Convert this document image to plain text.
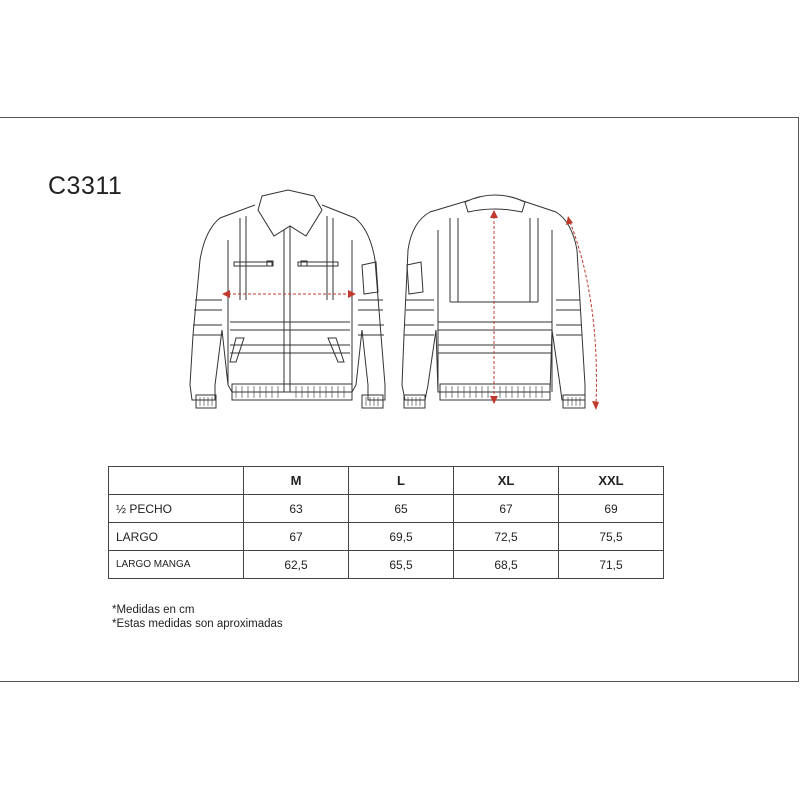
C3311
	M	L	XL	XXL
½ PECHO	63	65	67	69
LARGO	67	69,5	72,5	75,5
LARGO MANGA	62,5	65,5	68,5	71,5
*Medidas en cm
*Estas medidas son aproximadas
